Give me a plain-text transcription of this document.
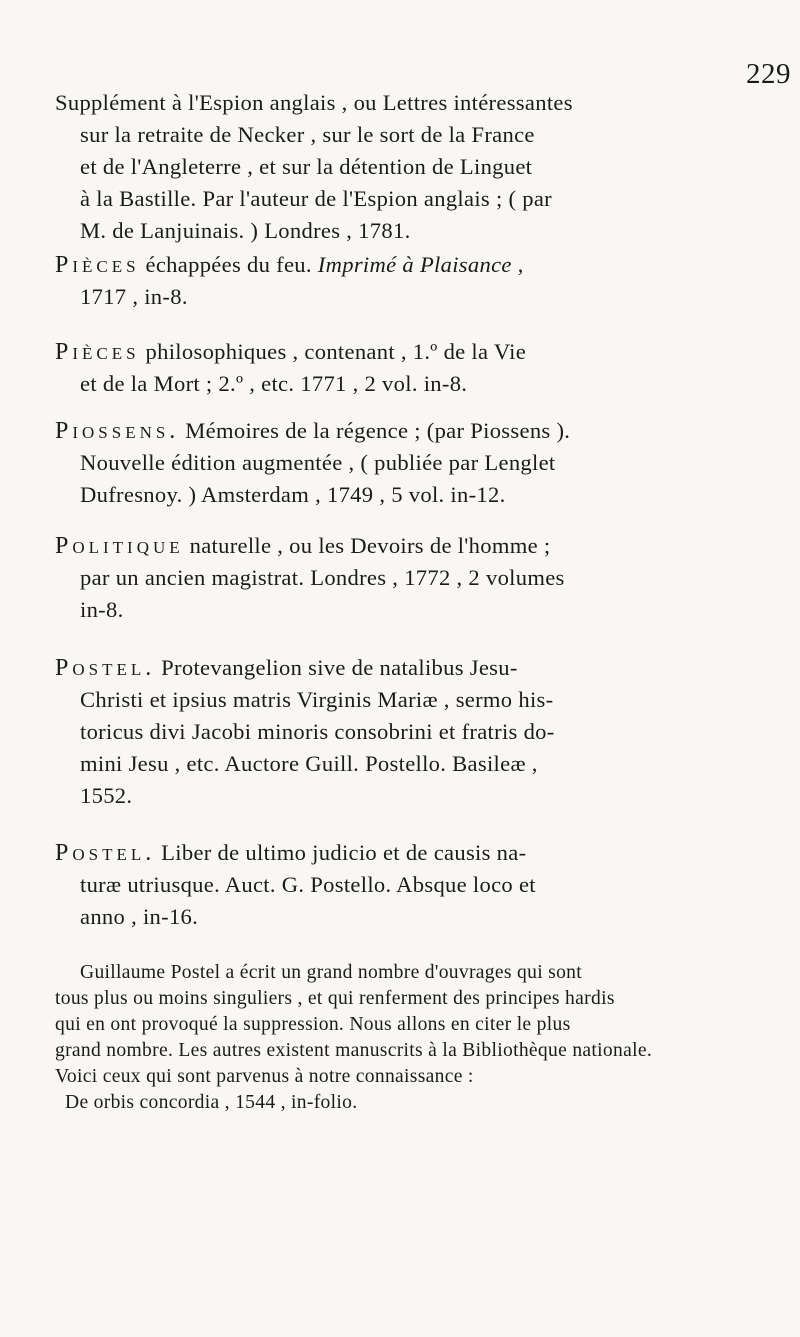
229
Supplément à l'Espion anglais , ou Lettres intéressantes
sur la retraite de Necker , sur le sort de la France
et de l'Angleterre , et sur la détention de Linguet
à la Bastille. Par l'auteur de l'Espion anglais ; ( par
M. de Lanjuinais. ) Londres , 1781.
Pièces échappées du feu. Imprimé à Plaisance ,
1717 , in-8.
Pièces philosophiques , contenant , 1.º de la Vie
et de la Mort ; 2.º , etc. 1771 , 2 vol. in-8.
Piossens. Mémoires de la régence ; (par Piossens ).
Nouvelle édition augmentée , ( publiée par Lenglet
Dufresnoy. ) Amsterdam , 1749 , 5 vol. in-12.
Politique naturelle , ou les Devoirs de l'homme ;
par un ancien magistrat. Londres , 1772 , 2 volumes
in-8.
Postel. Protevangelion sive de natalibus Jesu-
Christi et ipsius matris Virginis Mariæ , sermo his-
toricus divi Jacobi minoris consobrini et fratris do-
mini Jesu , etc. Auctore Guill. Postello. Basileæ ,
1552.
Postel. Liber de ultimo judicio et de causis na-
turæ utriusque. Auct. G. Postello. Absque loco et
anno , in-16.
Guillaume Postel a écrit un grand nombre d'ouvrages qui sont
tous plus ou moins singuliers , et qui renferment des principes hardis
qui en ont provoqué la suppression. Nous allons en citer le plus
grand nombre. Les autres existent manuscrits à la Bibliothèque nationale.
Voici ceux qui sont parvenus à notre connaissance :
De orbis concordia , 1544 , in-folio.
